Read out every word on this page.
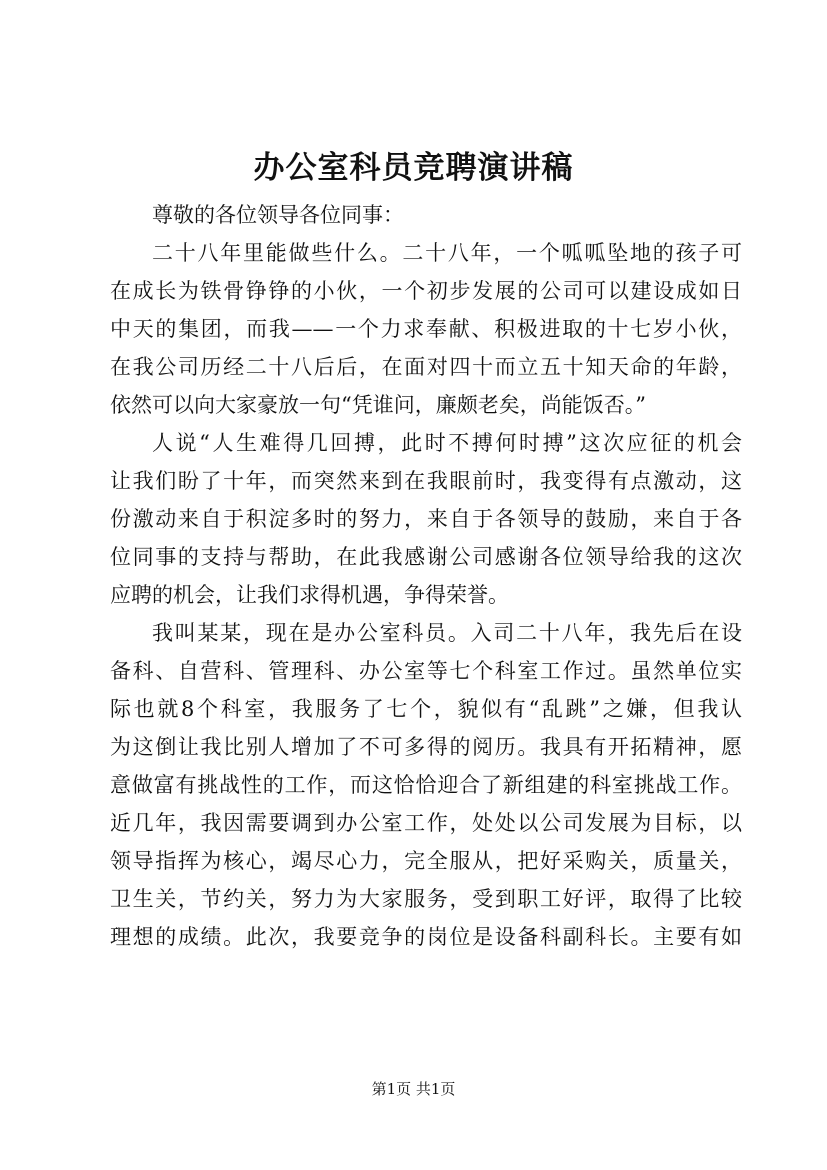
办公室科员竞聘演讲稿
尊敬的各位领导各位同事：
二十八年里能做些什么。二十八年，一个呱呱坠地的孩子可
在成长为铁骨铮铮的小伙，一个初步发展的公司可以建设成如日
中天的集团，而我——一个力求奉献、积极进取的十七岁小伙，
在我公司历经二十八后后，在面对四十而立五十知天命的年龄，
依然可以向大家豪放一句“凭谁问，廉颇老矣，尚能饭否。”
人说“人生难得几回搏，此时不搏何时搏”这次应征的机会
让我们盼了十年，而突然来到在我眼前时，我变得有点激动，这
份激动来自于积淀多时的努力，来自于各领导的鼓励，来自于各
位同事的支持与帮助，在此我感谢公司感谢各位领导给我的这次
应聘的机会，让我们求得机遇，争得荣誉。
我叫某某，现在是办公室科员。入司二十八年，我先后在设
备科、自营科、管理科、办公室等七个科室工作过。虽然单位实
际也就8个科室，我服务了七个，貌似有“乱跳”之嫌，但我认
为这倒让我比别人增加了不可多得的阅历。我具有开拓精神，愿
意做富有挑战性的工作，而这恰恰迎合了新组建的科室挑战工作。
近几年，我因需要调到办公室工作，处处以公司发展为目标，以
领导指挥为核心，竭尽心力，完全服从，把好采购关，质量关，
卫生关，节约关，努力为大家服务，受到职工好评，取得了比较
理想的成绩。此次，我要竞争的岗位是设备科副科长。主要有如
第1页 共1页
